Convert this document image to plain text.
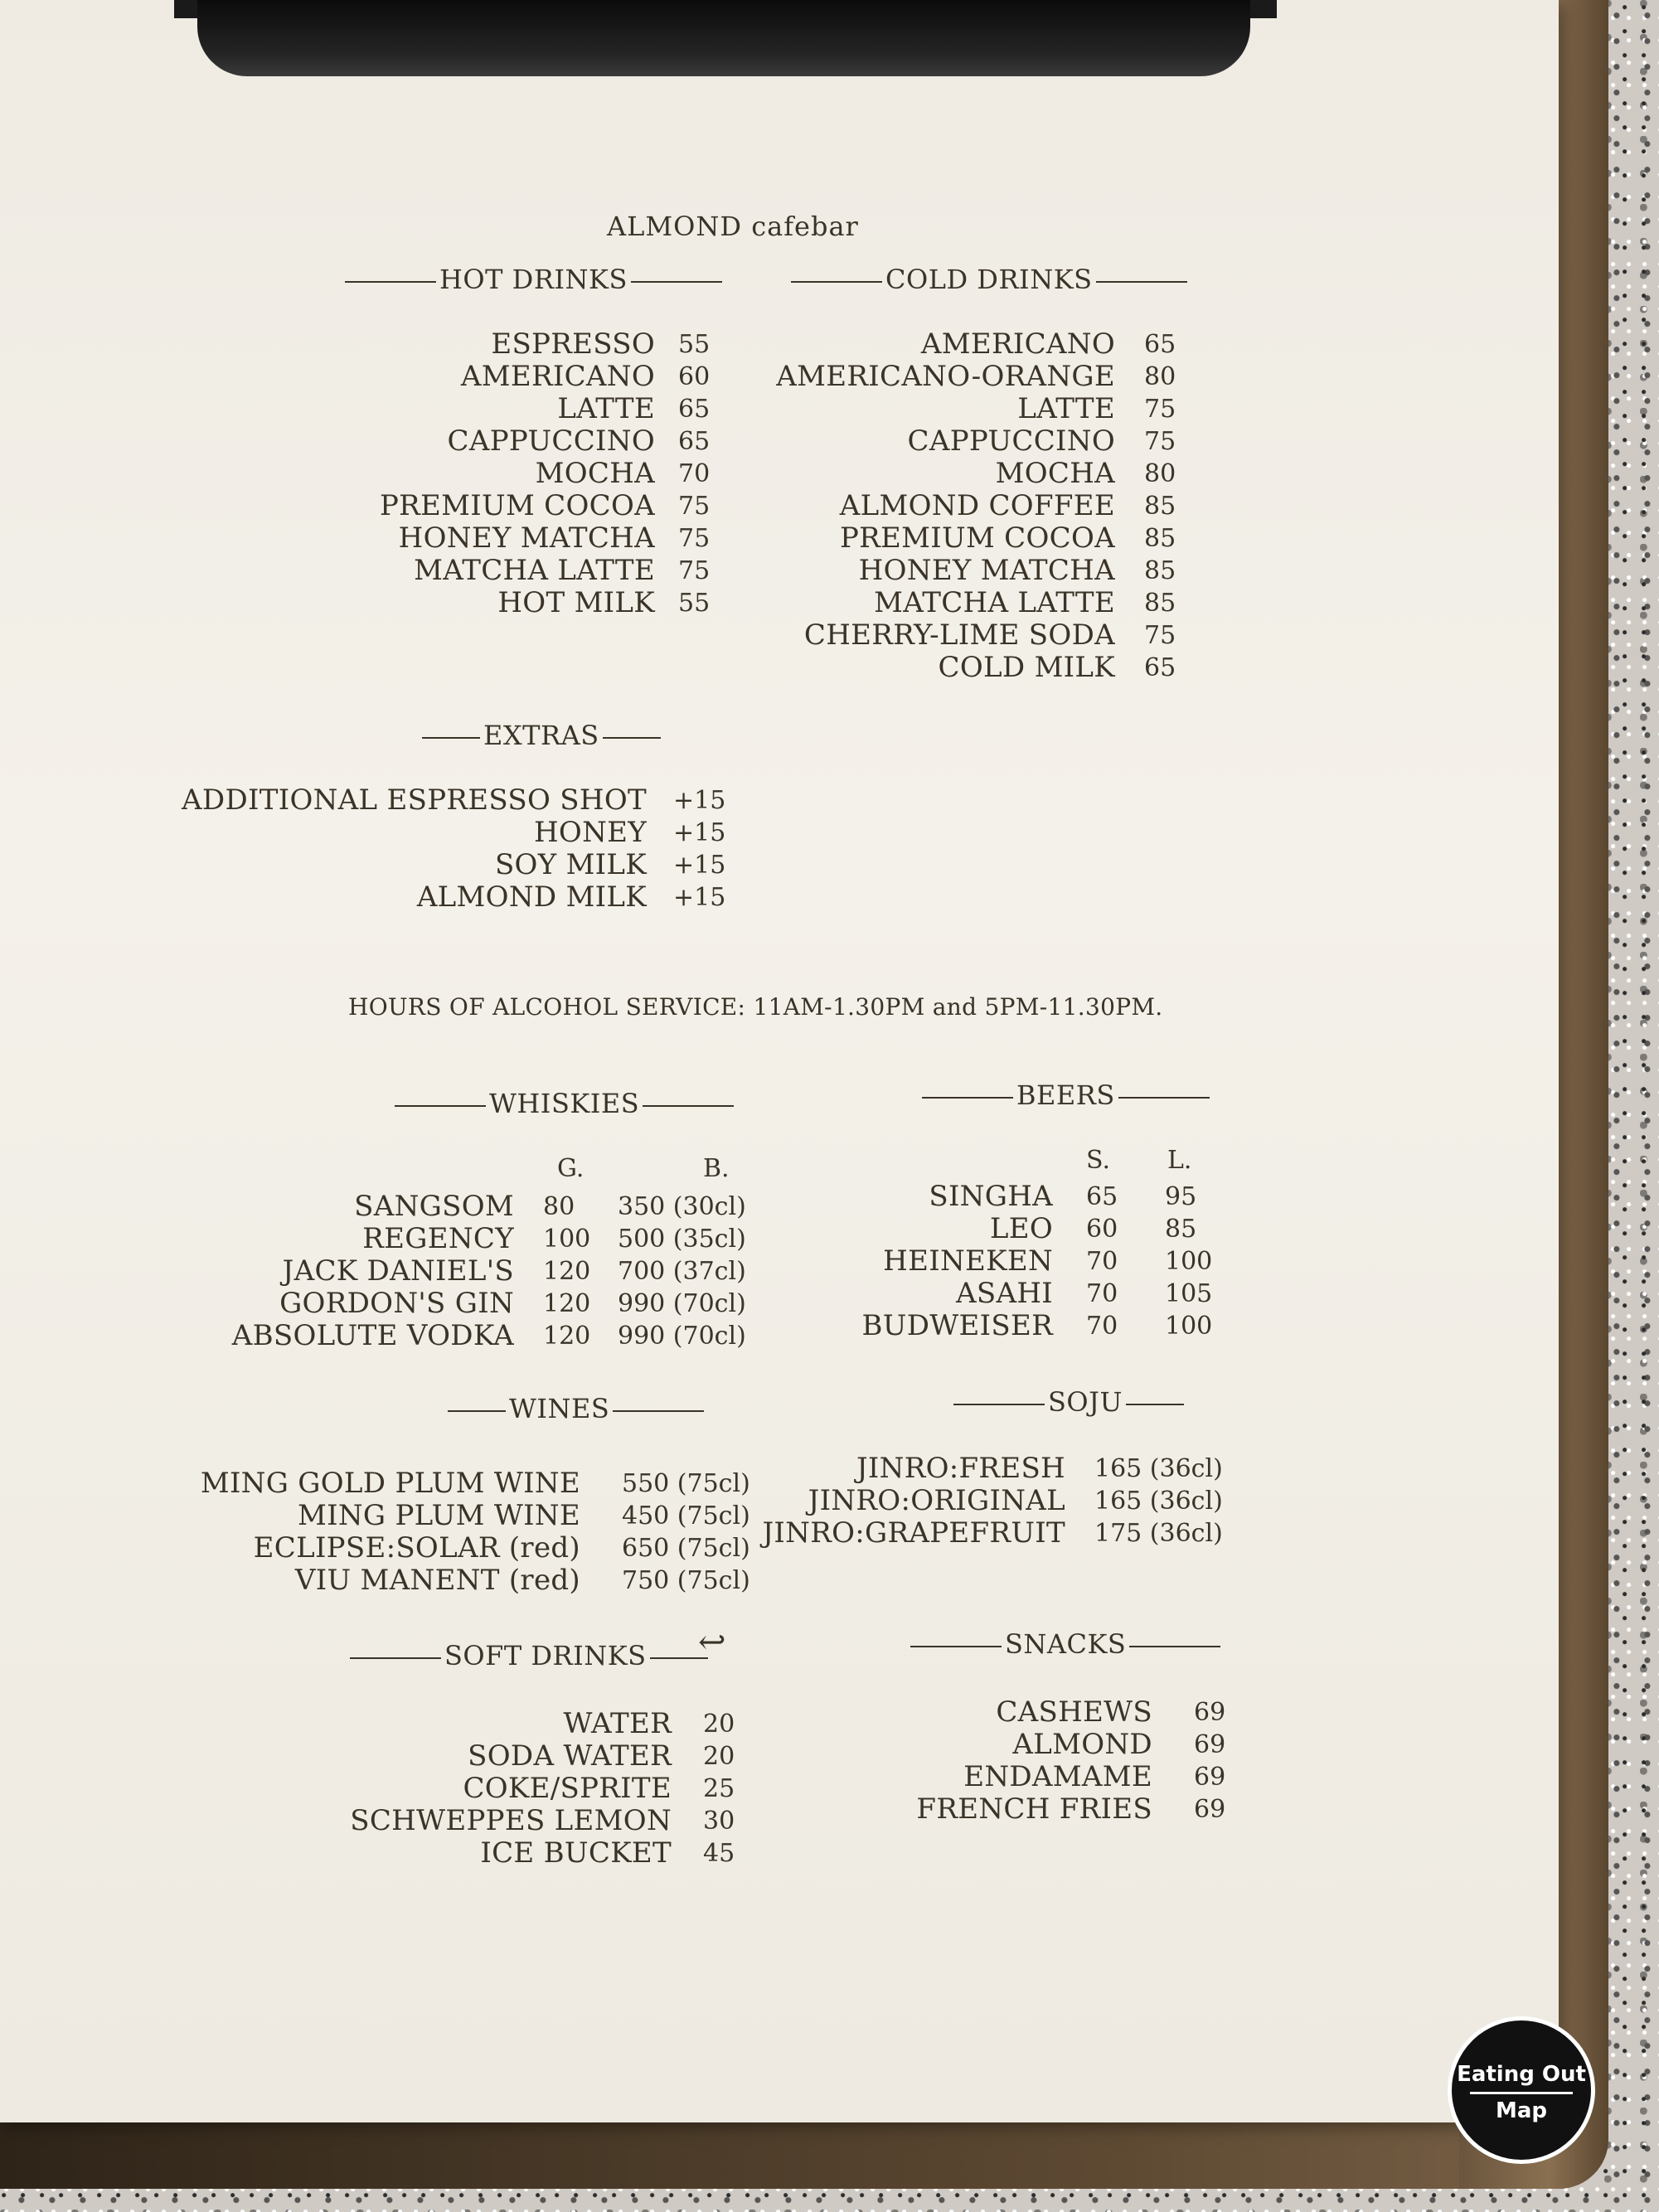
ALMOND cafebar
HOT DRINKS
ESPRESSO 55
AMERICANO 60
LATTE 65
CAPPUCCINO 65
MOCHA 70
PREMIUM COCOA 75
HONEY MATCHA 75
MATCHA LATTE 75
HOT MILK 55
COLD DRINKS
AMERICANO 65
AMERICANO-ORANGE 80
LATTE 75
CAPPUCCINO 75
MOCHA 80
ALMOND COFFEE 85
PREMIUM COCOA 85
HONEY MATCHA 85
MATCHA LATTE 85
CHERRY-LIME SODA 75
COLD MILK 65
EXTRAS
ADDITIONAL ESPRESSO SHOT +15
HONEY +15
SOY MILK +15
ALMOND MILK +15
HOURS OF ALCOHOL SERVICE: 11AM-1.30PM and 5PM-11.30PM.
WHISKIES
G.	B.
SANGSOM 80 350 (30cl)
REGENCY 100 500 (35cl)
JACK DANIEL'S 120 700 (37cl)
GORDON'S GIN 120 990 (70cl)
ABSOLUTE VODKA 120 990 (70cl)
BEERS
S. L.
SINGHA 65 95
LEO 60 85
HEINEKEN 70 100
ASAHI 70 105
BUDWEISER 70 100
WINES
MING GOLD PLUM WINE 550 (75cl)
MING PLUM WINE 450 (75cl)
ECLIPSE:SOLAR (red) 650 (75cl)
VIU MANENT (red) 750 (75cl)
SOJU
JINRO:FRESH 165 (36cl)
JINRO:ORIGINAL 165 (36cl)
JINRO:GRAPEFRUIT 175 (36cl)
SOFT DRINKS	↩
WATER 20
SODA WATER 20
COKE/SPRITE 25
SCHWEPPES LEMON 30
ICE BUCKET 45
SNACKS
CASHEWS 69
ALMOND 69
ENDAMAME 69
FRENCH FRIES 69
Eating Out
Map
